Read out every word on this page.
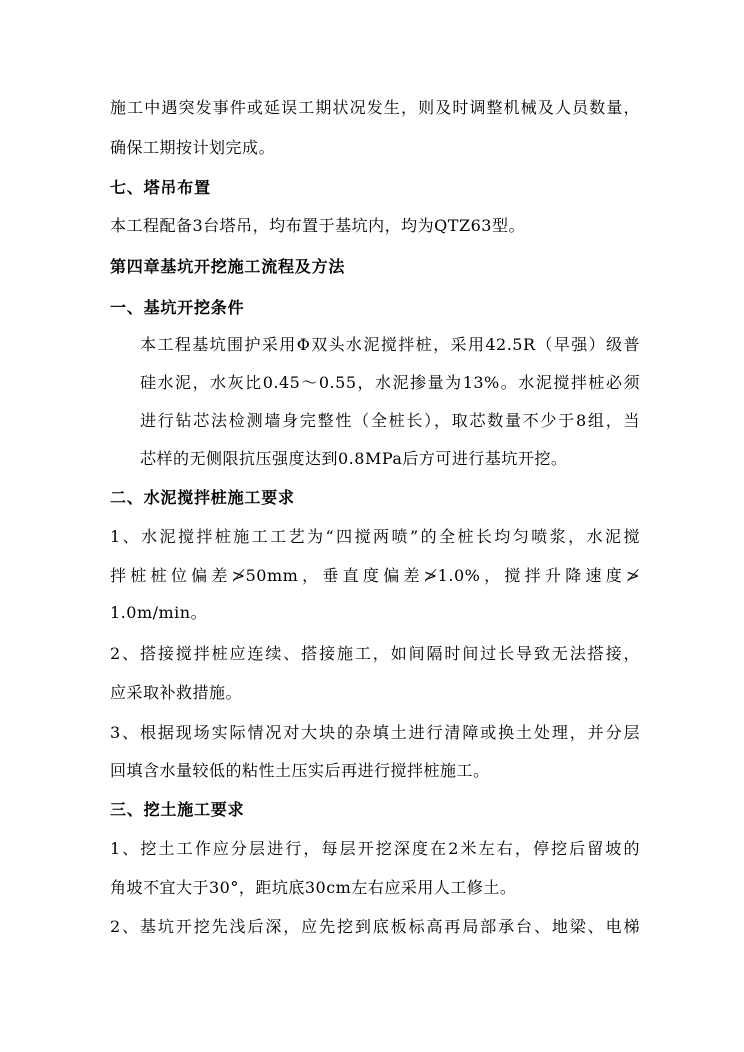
施工中遇突发事件或延误工期状况发生，则及时调整机械及人员数量，
确保工期按计划完成。
七、塔吊布置
本工程配备3台塔吊，均布置于基坑内，均为QTZ63型。
第四章基坑开挖施工流程及方法
一、基坑开挖条件
本工程基坑围护采用Φ双头水泥搅拌桩，采用42.5R（早强）级普
硅水泥，水灰比0.45～0.55，水泥掺量为13%。水泥搅拌桩必须
进行钻芯法检测墙身完整性（全桩长），取芯数量不少于8组，当
芯样的无侧限抗压强度达到0.8MPa后方可进行基坑开挖。
二、水泥搅拌桩施工要求
1、水泥搅拌桩施工工艺为“四搅两喷”的全桩长均匀喷浆，水泥搅
拌桩桩位偏差≯50mm，垂直度偏差≯1.0%，搅拌升降速度≯
1.0m/min。
2、搭接搅拌桩应连续、搭接施工，如间隔时间过长导致无法搭接，
应采取补救措施。
3、根据现场实际情况对大块的杂填土进行清障或换土处理，并分层
回填含水量较低的粘性土压实后再进行搅拌桩施工。
三、挖土施工要求
1、挖土工作应分层进行，每层开挖深度在2米左右，停挖后留坡的
角坡不宜大于30°，距坑底30cm左右应采用人工修土。
2、基坑开挖先浅后深，应先挖到底板标高再局部承台、地梁、电梯
